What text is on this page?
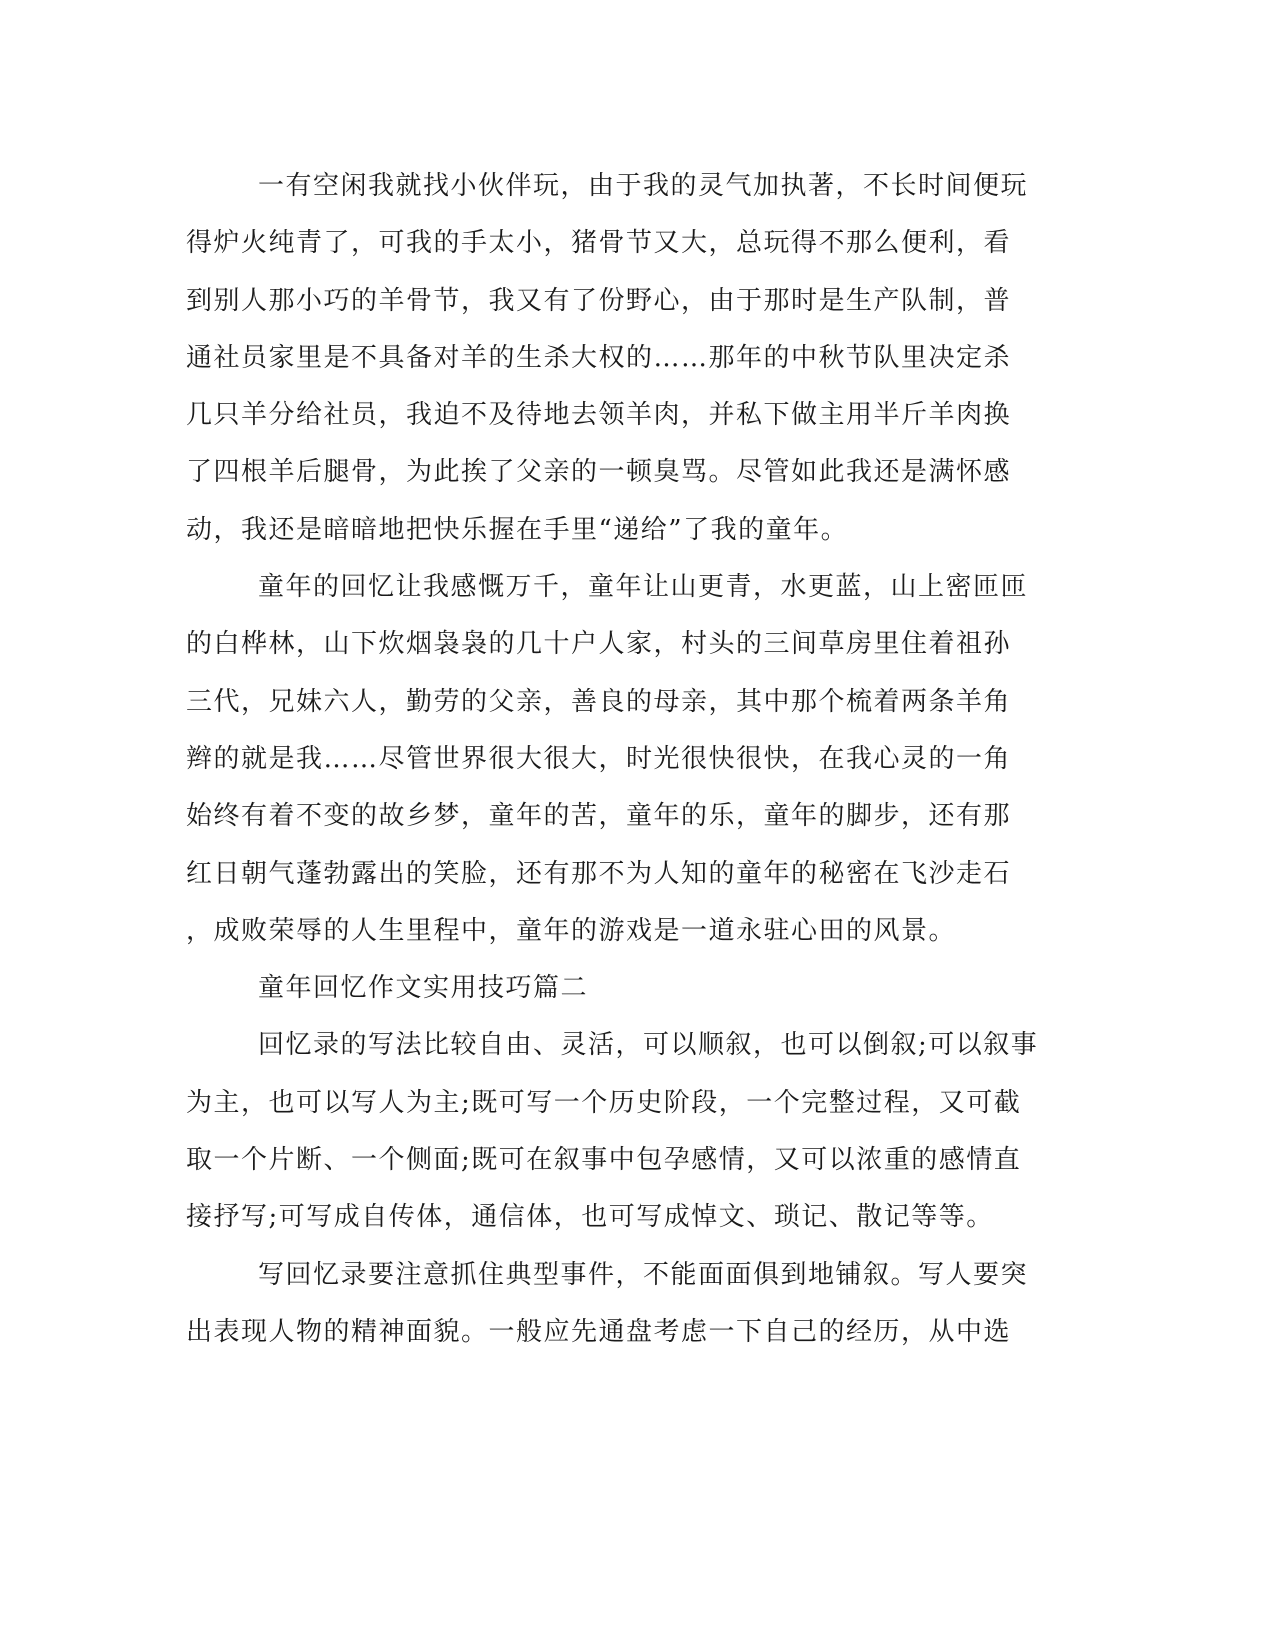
一有空闲我就找小伙伴玩，由于我的灵气加执著，不长时间便玩
得炉火纯青了，可我的手太小，猪骨节又大，总玩得不那么便利，看
到别人那小巧的羊骨节，我又有了份野心，由于那时是生产队制，普
通社员家里是不具备对羊的生杀大权的……那年的中秋节队里决定杀
几只羊分给社员，我迫不及待地去领羊肉，并私下做主用半斤羊肉换
了四根羊后腿骨，为此挨了父亲的一顿臭骂。尽管如此我还是满怀感
动，我还是暗暗地把快乐握在手里“递给”了我的童年。
童年的回忆让我感慨万千，童年让山更青，水更蓝，山上密匝匝
的白桦林，山下炊烟袅袅的几十户人家，村头的三间草房里住着祖孙
三代，兄妹六人，勤劳的父亲，善良的母亲，其中那个梳着两条羊角
辫的就是我……尽管世界很大很大，时光很快很快，在我心灵的一角
始终有着不变的故乡梦，童年的苦，童年的乐，童年的脚步，还有那
红日朝气蓬勃露出的笑脸，还有那不为人知的童年的秘密在飞沙走石
，成败荣辱的人生里程中，童年的游戏是一道永驻心田的风景。
童年回忆作文实用技巧篇二
回忆录的写法比较自由、灵活，可以顺叙，也可以倒叙;可以叙事
为主，也可以写人为主;既可写一个历史阶段，一个完整过程，又可截
取一个片断、一个侧面;既可在叙事中包孕感情，又可以浓重的感情直
接抒写;可写成自传体，通信体，也可写成悼文、琐记、散记等等。
写回忆录要注意抓住典型事件，不能面面俱到地铺叙。写人要突
出表现人物的精神面貌。一般应先通盘考虑一下自己的经历，从中选
